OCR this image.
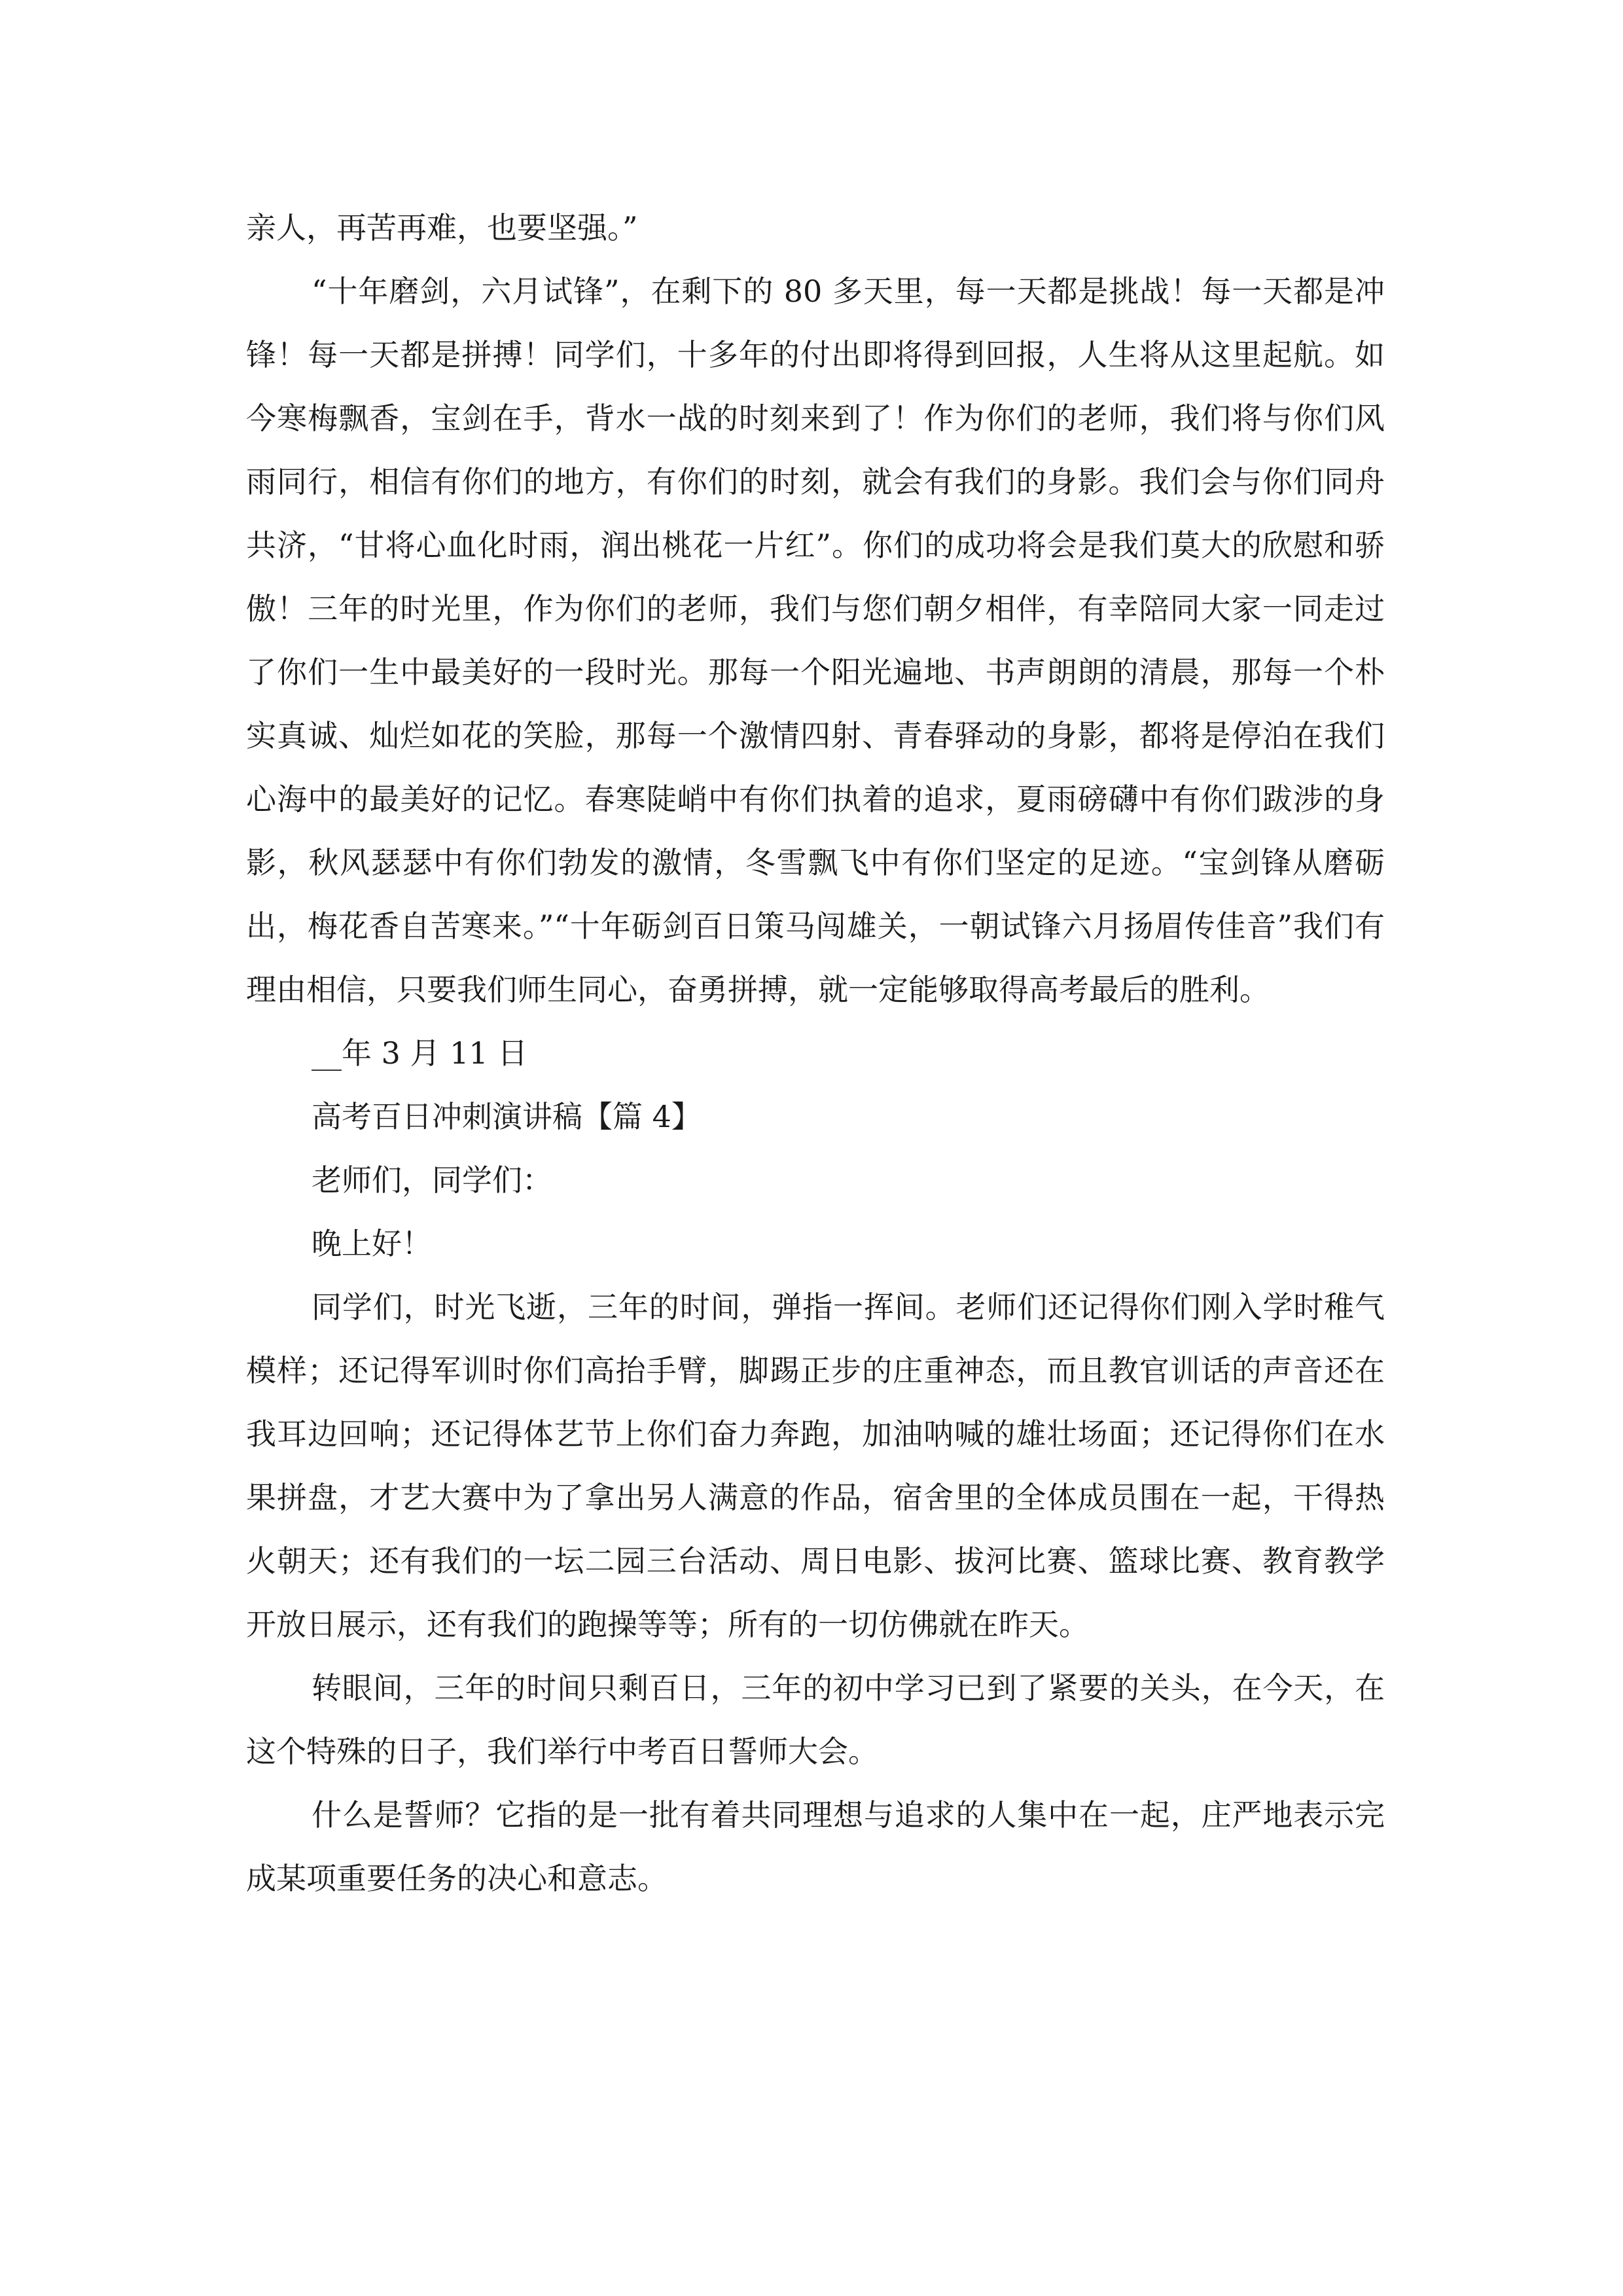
亲人，再苦再难，也要坚强。”

“十年磨剑，六月试锋”，在剩下的 80 多天里，每一天都是挑战！每一天都是冲锋！每一天都是拼搏！同学们，十多年的付出即将得到回报，人生将从这里起航。如今寒梅飘香，宝剑在手，背水一战的时刻来到了！作为你们的老师，我们将与你们风雨同行，相信有你们的地方，有你们的时刻，就会有我们的身影。我们会与你们同舟共济，“甘将心血化时雨，润出桃花一片红”。你们的成功将会是我们莫大的欣慰和骄傲！三年的时光里，作为你们的老师，我们与您们朝夕相伴，有幸陪同大家一同走过了你们一生中最美好的一段时光。那每一个阳光遍地、书声朗朗的清晨，那每一个朴实真诚、灿烂如花的笑脸，那每一个激情四射、青春驿动的身影，都将是停泊在我们心海中的最美好的记忆。春寒陡峭中有你们执着的追求，夏雨磅礴中有你们跋涉的身影，秋风瑟瑟中有你们勃发的激情，冬雪飘飞中有你们坚定的足迹。“宝剑锋从磨砺出，梅花香自苦寒来。”“十年砺剑百日策马闯雄关，一朝试锋六月扬眉传佳音”我们有理由相信，只要我们师生同心，奋勇拼搏，就一定能够取得高考最后的胜利。

__年 3 月 11 日

高考百日冲刺演讲稿【篇 4】

老师们，同学们：

晚上好！

同学们，时光飞逝，三年的时间，弹指一挥间。老师们还记得你们刚入学时稚气模样；还记得军训时你们高抬手臂，脚踢正步的庄重神态，而且教官训话的声音还在我耳边回响；还记得体艺节上你们奋力奔跑，加油呐喊的雄壮场面；还记得你们在水果拼盘，才艺大赛中为了拿出另人满意的作品，宿舍里的全体成员围在一起，干得热火朝天；还有我们的一坛二园三台活动、周日电影、拔河比赛、篮球比赛、教育教学开放日展示，还有我们的跑操等等；所有的一切仿佛就在昨天。

转眼间，三年的时间只剩百日，三年的初中学习已到了紧要的关头，在今天，在这个特殊的日子，我们举行中考百日誓师大会。

什么是誓师？它指的是一批有着共同理想与追求的人集中在一起，庄严地表示完成某项重要任务的决心和意志。
